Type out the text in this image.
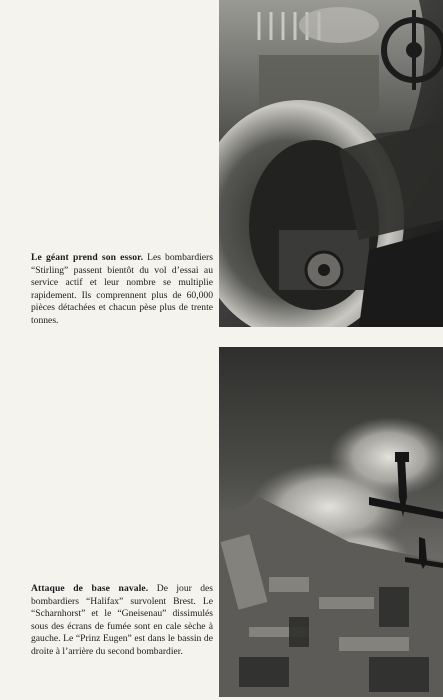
Le géant prend son essor. Les bombardiers “Stirling” passent bientôt du vol d’essai au service actif et leur nombre se multiplie rapidement. Ils comprennent plus de 60,000 pièces détachées et chacun pèse plus de trente tonnes.

Attaque de base navale. De jour des bombardiers “Halifax” survolent Brest. Le “Scharnhorst” et le “Gneisenau” dissimulés sous des écrans de fumée sont en cale sèche à gauche. Le “Prinz Eugen” est dans le bassin de droite à l’arrière du second bombardier.
